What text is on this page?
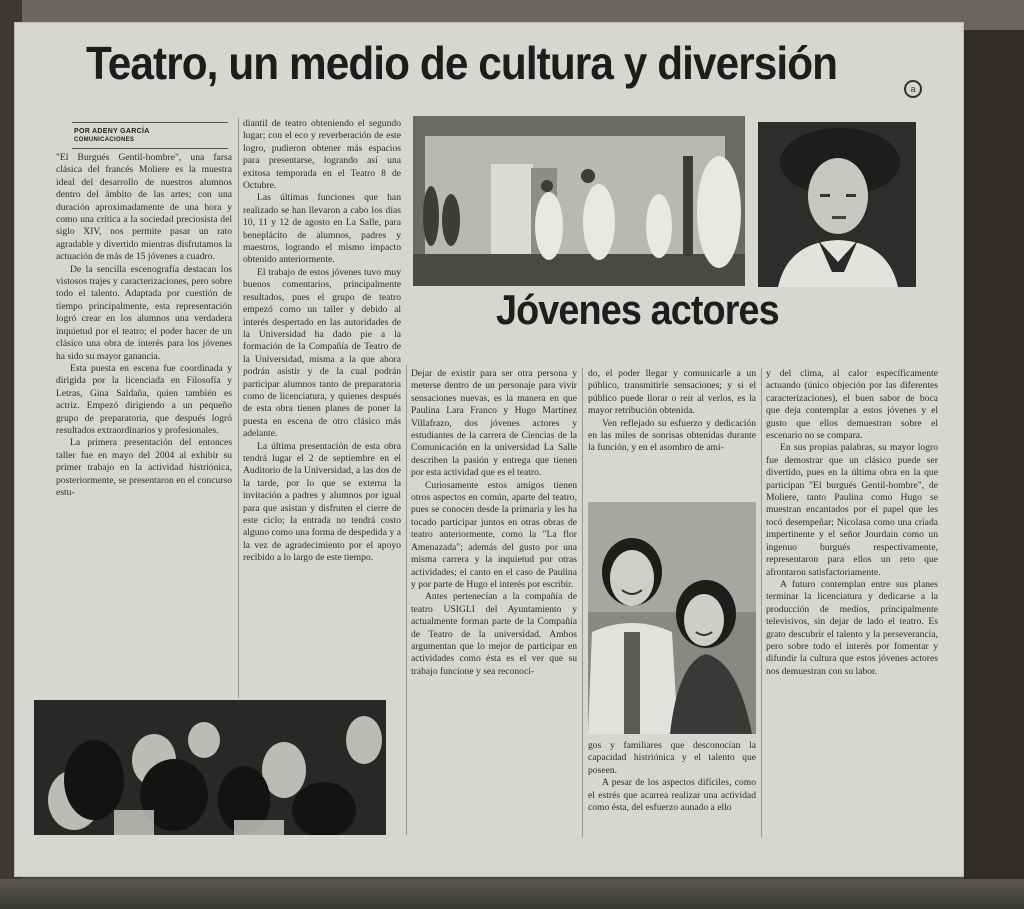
Teatro, un medio de cultura y diversión	a
POR ADENY GARCÍA
COMUNICACIONES

"El Burgués Gentil-hombre", una farsa clásica del francés Moliere es la muestra ideal del desarrollo de nuestros alumnos dentro del ámbito de las artes; con una duración aproximadamente de una hora y como una crítica a la sociedad preciosista del siglo XIV, nos permite pasar un rato agradable y divertido mientras disfrutamos la actuación de más de 15 jóvenes a cuadro.

De la sencilla escenografía destacan los vistosos trajes y caracterizaciones, pero sobre todo el talento. Adaptada por cuestión de tiempo principalmente, esta representación logró crear en los alumnos una verdadera inquietud por el teatro; el poder hacer de un clásico una obra de interés para los jóvenes ha sido su mayor ganancia.

Esta puesta en escena fue coordinada y dirigida por la licenciada en Filosofía y Letras, Gina Saldaña, quien también es actriz. Empezó dirigiendo a un pequeño grupo de preparatoria, que después logró resultados extraordinarios y profesionales.

La primera presentación del entonces taller fue en mayo del 2004 al exhibir su primer trabajo en la actividad histriónica, posteriormente, se presentaron en el concurso estu-

diantil de teatro obteniendo el segundo lugar; con el eco y reverberación de este logro, pudieron obtener más espacios para presentarse, logrando así una exitosa temporada en el Teatro 8 de Octubre.

Las últimas funciones que han realizado se han llevaron a cabo los días 10, 11 y 12 de agosto en La Salle, para beneplácito de alumnos, padres y maestros, logrando el mismo impacto obtenido anteriormente.

El trabajo de estos jóvenes tuvo muy buenos comentarios, principalmente resultados, pues el grupo de teatro empezó como un taller y debido al interés despertado en las autoridades de la Universidad ha dado pie a la formación de la Compañía de Teatro de la Universidad, misma a la que ahora podrán asistir y de la cual podrán participar alumnos tanto de preparatoria como de licenciatura, y quienes después de esta obra tienen planes de poner la puesta en escena de otro clásico más adelante.

La última presentación de esta obra tendrá lugar el 2 de septiembre en el Auditorio de la Universidad, a las dos de la tarde, por lo que se externa la invitación a padres y alumnos por igual para que asistan y disfruten el cierre de este ciclo; la entrada no tendrá costo alguno como una forma de despedida y a la vez de agradecimiento por el apoyo recibido a lo largo de este tiempo.

Jóvenes actores

Dejar de existir para ser otra persona y meterse dentro de un personaje para vivir sensaciones nuevas, es la manera en que Paulina Lara Franco y Hugo Martínez Villafrazo, dos jóvenes actores y estudiantes de la carrera de Ciencias de la Comunicación en la universidad La Salle describen la pasión y entrega que tienen por esta actividad que es el teatro.

Curiosamente estos amigos tienen otros aspectos en común, aparte del teatro, pues se conocen desde la primaria y les ha tocado participar juntos en otras obras de teatro anteriormente, como la "La flor Amenazada"; además del gusto por una misma carrera y la inquietud por otras actividades; el canto en el caso de Paulina y por parte de Hugo el interés por escribir.

Antes pertenecían a la compañía de teatro USIGLI del Ayuntamiento y actualmente forman parte de la Compañía de Teatro de la universidad. Ambos argumentan que lo mejor de participar en actividades como ésta es el ver que su trabajo funcione y sea reconoci-

do, el poder llegar y comunicarle a un público, transmitirle sensaciones; y si el público puede llorar o reír al verlos, es la mayor retribución obtenida.

Ven reflejado su esfuerzo y dedicación en las miles de sonrisas obtenidas durante la función, y en el asombro de ami-

gos y familiares que desconocían la capacidad histriónica y el talento que poseen.

A pesar de los aspectos difíciles, como el estrés que acarrea realizar una actividad como ésta, del esfuerzo aunado a ello

y del clima, al calor específicamente actuando (único objeción por las diferentes caracterizaciones), el buen sabor de boca que deja contemplar a estos jóvenes y el gusto que ellos demuestran sobre el escenario no se compara.

En sus propias palabras, su mayor logro fue demostrar que un clásico puede ser divertido, pues en la última obra en la que participan "El burgués Gentil-hombre", de Moliere, tanto Paulina como Hugo se muestran encantados por el papel que les tocó desempeñar; Nicolasa como una criada impertinente y el señor Jourdain como un ingenuo burgués respectivamente, representaron para ellos un reto que afrontaron satisfactoriamente.

A futuro contemplan entre sus planes terminar la licenciatura y dedicarse a la producción de medios, principalmente televisivos, sin dejar de lado el teatro. Es grato descubrir el talento y la perseverancia, pero sobre todo el interés por fomentar y difundir la cultura que estos jóvenes actores nos demuestran con su labor.
